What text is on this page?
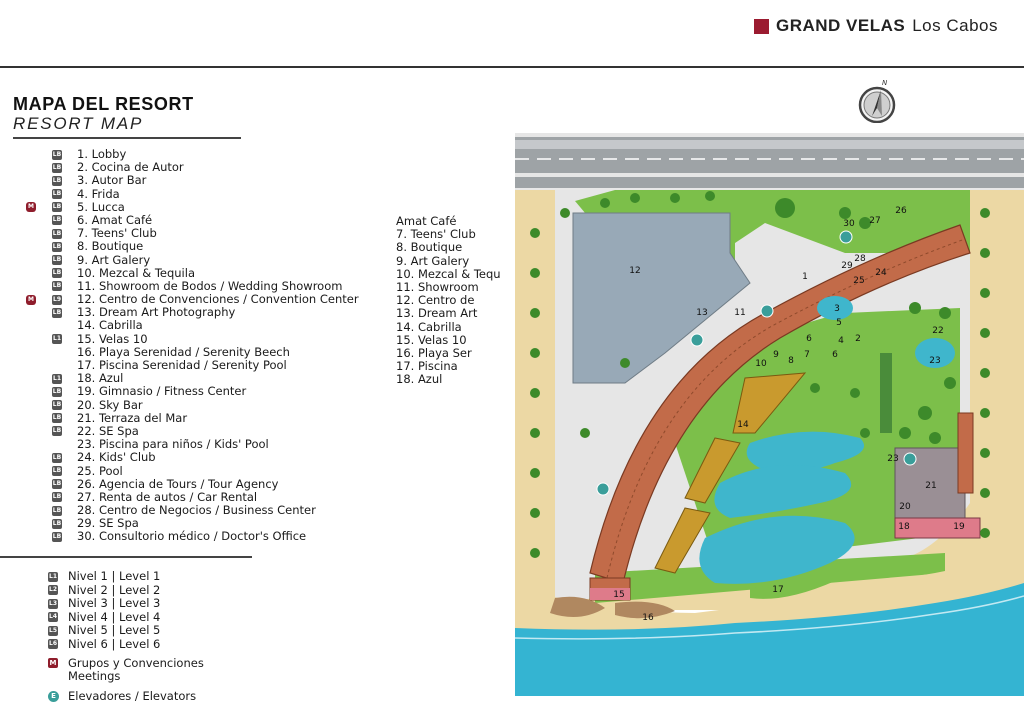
GRAND VELAS Los Cabos
MAPA DEL RESORT
RESORT MAP
LB 1. Lobby
LB 2. Cocina de Autor
LB 3. Autor Bar
LB 4. Frida
M	LB 5. Lucca
LB 6. Amat Café
LB 7. Teens' Club
LB 8. Boutique
LB 9. Art Galery
LB 10. Mezcal & Tequila
LB 11. Showroom de Bodos / Wedding Showroom
M	L9 12. Centro de Convenciones / Convention Center
LB 13. Dream Art Photography
14. Cabrilla
L1 15. Velas 10
16. Playa Serenidad / Serenity Beech
17. Piscina Serenidad / Serenity Pool
L1 18. Azul
LB 19. Gimnasio / Fitness Center
LB 20. Sky Bar
LB 21. Terraza del Mar
LB 22. SE Spa
23. Piscina para niños / Kids' Pool
LB 24. Kids' Club
LB 25. Pool
LB 26. Agencia de Tours / Tour Agency
LB 27. Renta de autos / Car Rental
LB 28. Centro de Negocios / Business Center
LB 29. SE Spa
LB 30. Consultorio médico / Doctor's Office
Amat Café
7. Teens' Club
8. Boutique
9. Art Galery
10. Mezcal & Tequ
11. Showroom
12. Centro de
13. Dream Art
14. Cabrilla
15. Velas 10
16. Playa Ser
17. Piscina
18. Azul
L1 Nivel 1 | Level 1
L2 Nivel 2 | Level 2
L3 Nivel 3 | Level 3
L4 Nivel 4 | Level 4
L5 Nivel 5 | Level 5
L6 Nivel 6 | Level 6
M Grupos y Convenciones
Meetings
E Elevadores / Elevators
N
12
13	11
10
9
8
7
6
6
4 2
1
5
3
25
24
29
28
27
26
30
23
22
23
21
20
18	19
14
17
15
16
